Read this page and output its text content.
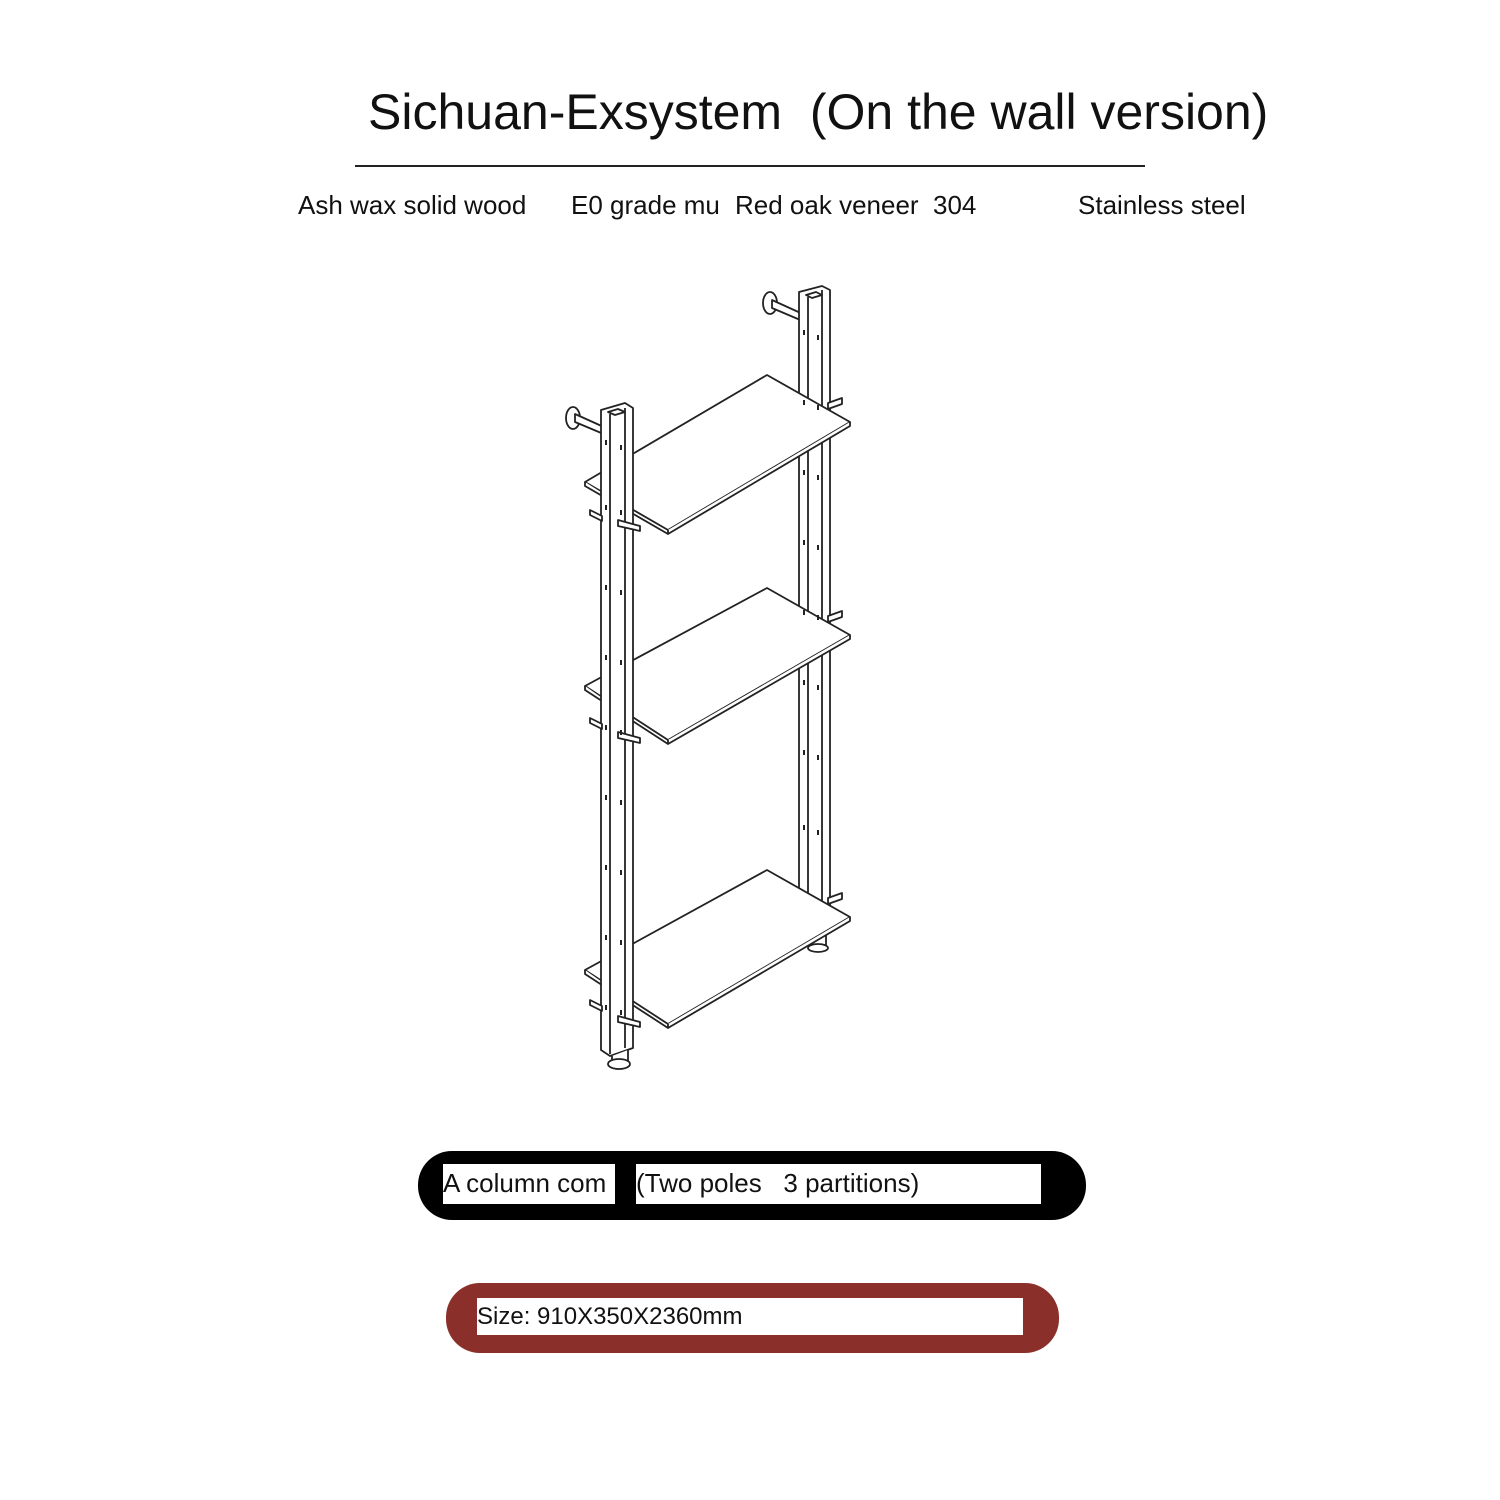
Sichuan-Exsystem  (On the wall version)
Ash wax solid wood E0 grade mu Red oak veneer  304	Stainless steel
A column com	(Two poles   3 partitions)
Size: 910X350X2360mm
